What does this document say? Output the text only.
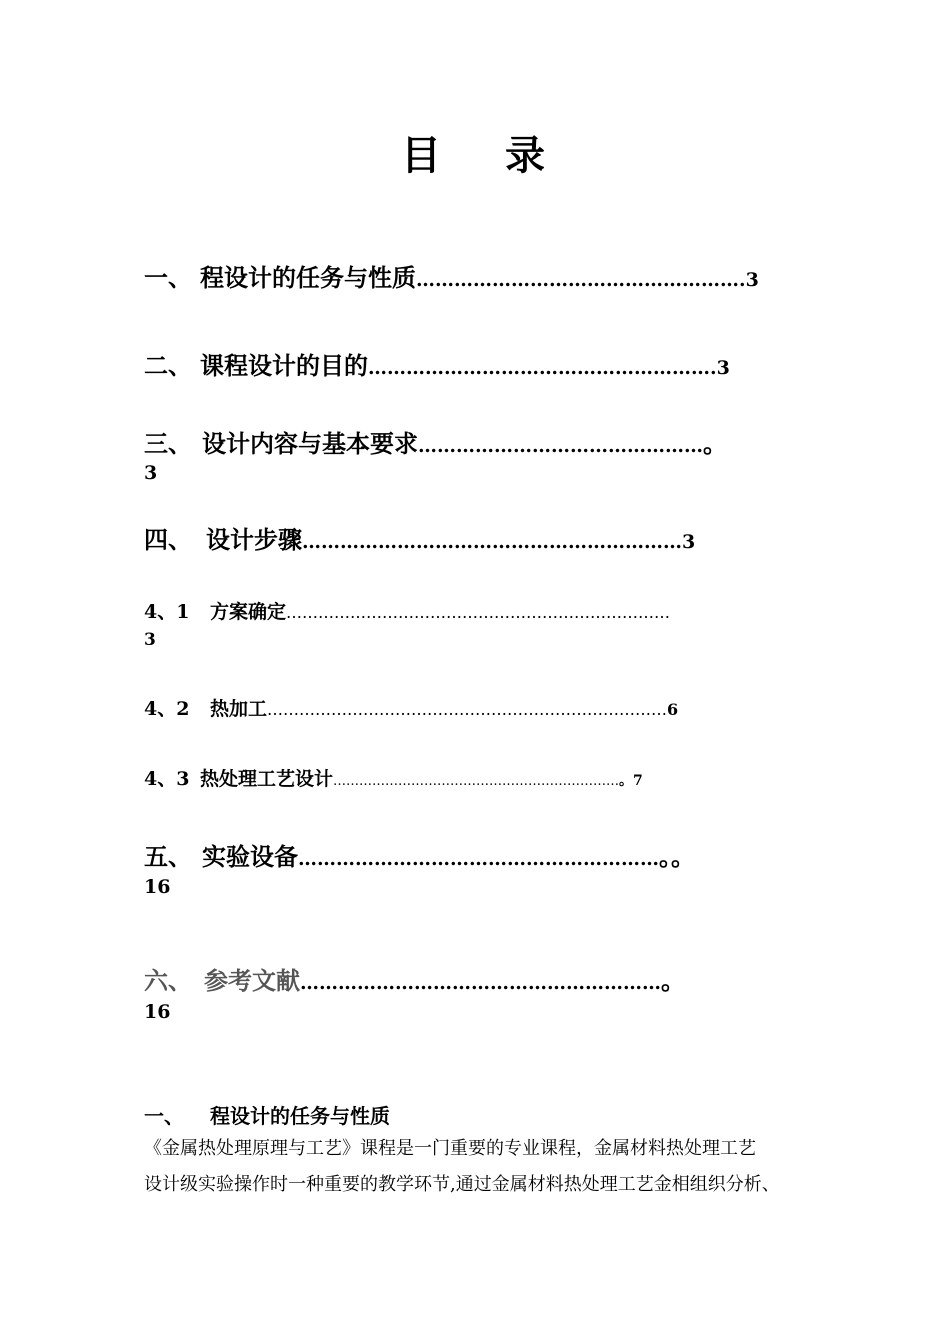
目 录
一、 程设计的任务与性质…………………………………………….3
二、 课程设计的目的……………………………………………….3
三、 设计内容与基本要求………………………………………。
3
四、 设计步骤……………………………………………………3
4、1 方案确定………………………………………………………………
3
4、2 热加工…………………………………………………………………6
4、3 热处理工艺设计…………………………………………………………。7
五、 实验设备…………………………………………………。。
16
六、 参考文献…………………………………………………。
16
一、 程设计的任务与性质
《金属热处理原理与工艺》课程是一门重要的专业课程，金属材料热处理工艺
设计级实验操作时一种重要的教学环节,通过金属材料热处理工艺金相组织分析、
